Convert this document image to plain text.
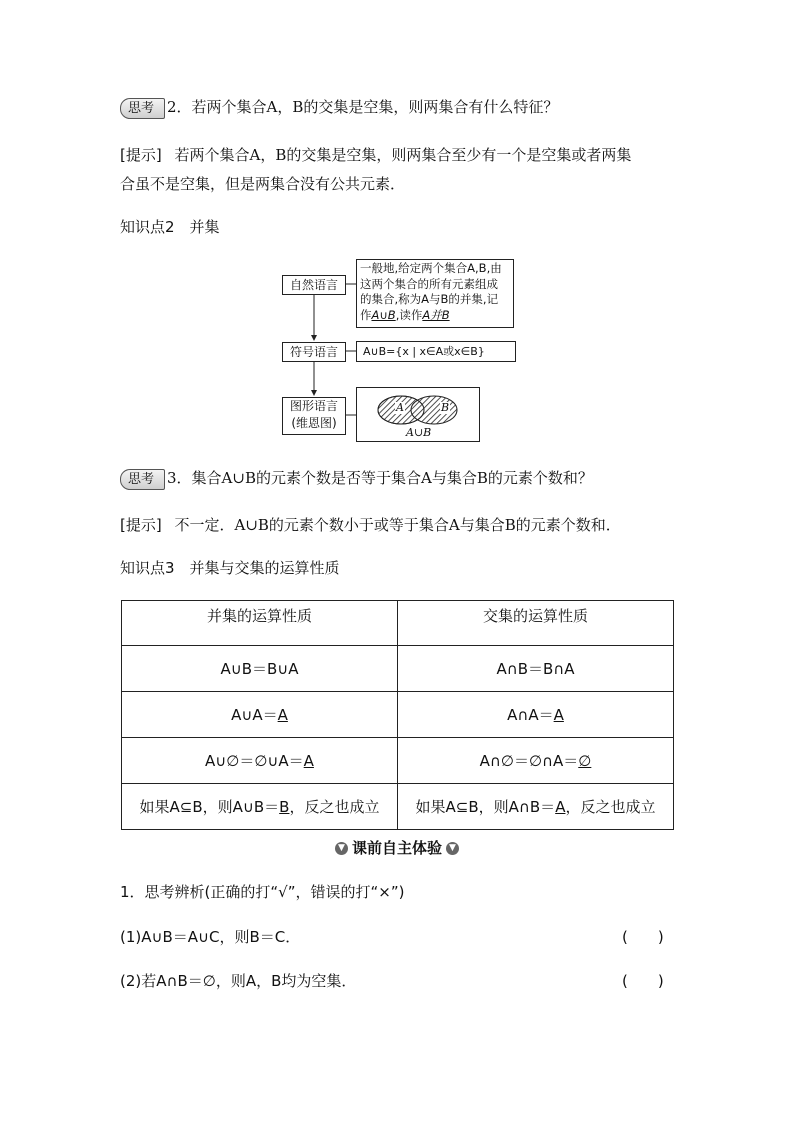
思考 2．若两个集合A，B的交集是空集，则两集合有什么特征？
[提示] 若两个集合A，B的交集是空集，则两集合至少有一个是空集或者两集
合虽不是空集，但是两集合没有公共元素．
知识点2　并集
自然语言
一般地,给定两个集合A,B,由
这两个集合的所有元素组成
的集合,称为A与B的并集,记
作A∪B,读作A并B
符号语言	A∪B={x | x∈A或x∈B}
图形语言
(维恩图)
A	B
A∪B
思考 3．集合A∪B的元素个数是否等于集合A与集合B的元素个数和？
[提示] 不一定．A∪B的元素个数小于或等于集合A与集合B的元素个数和．
知识点3　并集与交集的运算性质
并集的运算性质	交集的运算性质
A∪B＝B∪A	A∩B＝B∩A
A∪A＝A	A∩A＝A
A∪∅＝∅∪A＝A	A∩∅＝∅∩A＝∅
如果A⊆B，则A∪B＝B，反之也成立	如果A⊆B，则A∩B＝A，反之也成立
▼ 课前自主体验 ▼
1．思考辨析(正确的打“√”，错误的打“×”)
(1)A∪B＝A∪C，则B＝C．	(　　)
(2)若A∩B＝∅，则A，B均为空集．	(　　)
